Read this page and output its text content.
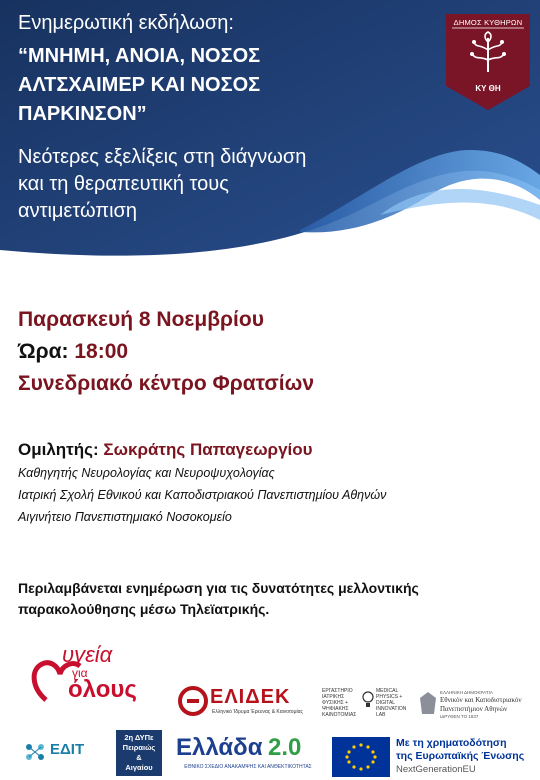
Ενημερωτική εκδήλωση:
“ΜΝΗΜΗ, ΑΝΟΙΑ, ΝΟΣΟΣ
ΑΛΤΣΧΑΙΜΕΡ ΚΑΙ ΝΟΣΟΣ
ΠΑΡΚΙΝΣΟΝ”
Νεότερες εξελίξεις στη διάγνωση
και τη θεραπευτική τους
αντιμετώπιση
ΔΗΜΟΣ ΚΥΘΗΡΩΝ
ΚΥ ΘΗ
Παρασκευή 8 Νοεμβρίου
Ώρα: 18:00
Συνεδριακό κέντρο Φρατσίων
Ομιλητής: Σωκράτης Παπαγεωργίου
Καθηγητής Νευρολογίας και Νευροψυχολογίας
Ιατρική Σχολή Εθνικού και Καποδιστριακού Πανεπιστημίου Αθηνών
Αιγινήτειο Πανεπιστημιακό Νοσοκομείο
Περιλαμβάνεται ενημέρωση για τις δυνατότητες μελλοντικής παρακολούθησης μέσω Τηλεϊατρικής.
υγεία
για
όλους	ΕΛΙΔΕΚ
Ελληνικό Ίδρυμα Έρευνας & Καινοτομίας
ΕΡΓΑΣΤΗΡΙΟ ΙΑΤΡΙΚΗΣ ΦΥΣΙΚΗΣ + ΨΗΦΙΑΚΗΣ ΚΑΙΝΟΤΟΜΙΑΣ
MEDICAL PHYSICS + DIGITAL INNOVATION LAB
ΕΛΛΗΝΙΚΗ ΔΗΜΟΚΡΑΤΙΑ
Εθνικόν και Καποδιστριακόν
Πανεπιστήμιον Αθηνών
ΙΔΡΥΘΕΝ ΤΟ 1837
ΕΔΙΤ
2η ΔΥΠε
Πειραιώς
&
Αιγαίου
Ελλάδα 2.0
ΕΘΝΙΚΟ ΣΧΕΔΙΟ ΑΝΑΚΑΜΨΗΣ ΚΑΙ ΑΝΘΕΚΤΙΚΟΤΗΤΑΣ
Με τη χρηματοδότηση
της Ευρωπαϊκής Ένωσης
NextGenerationEU
